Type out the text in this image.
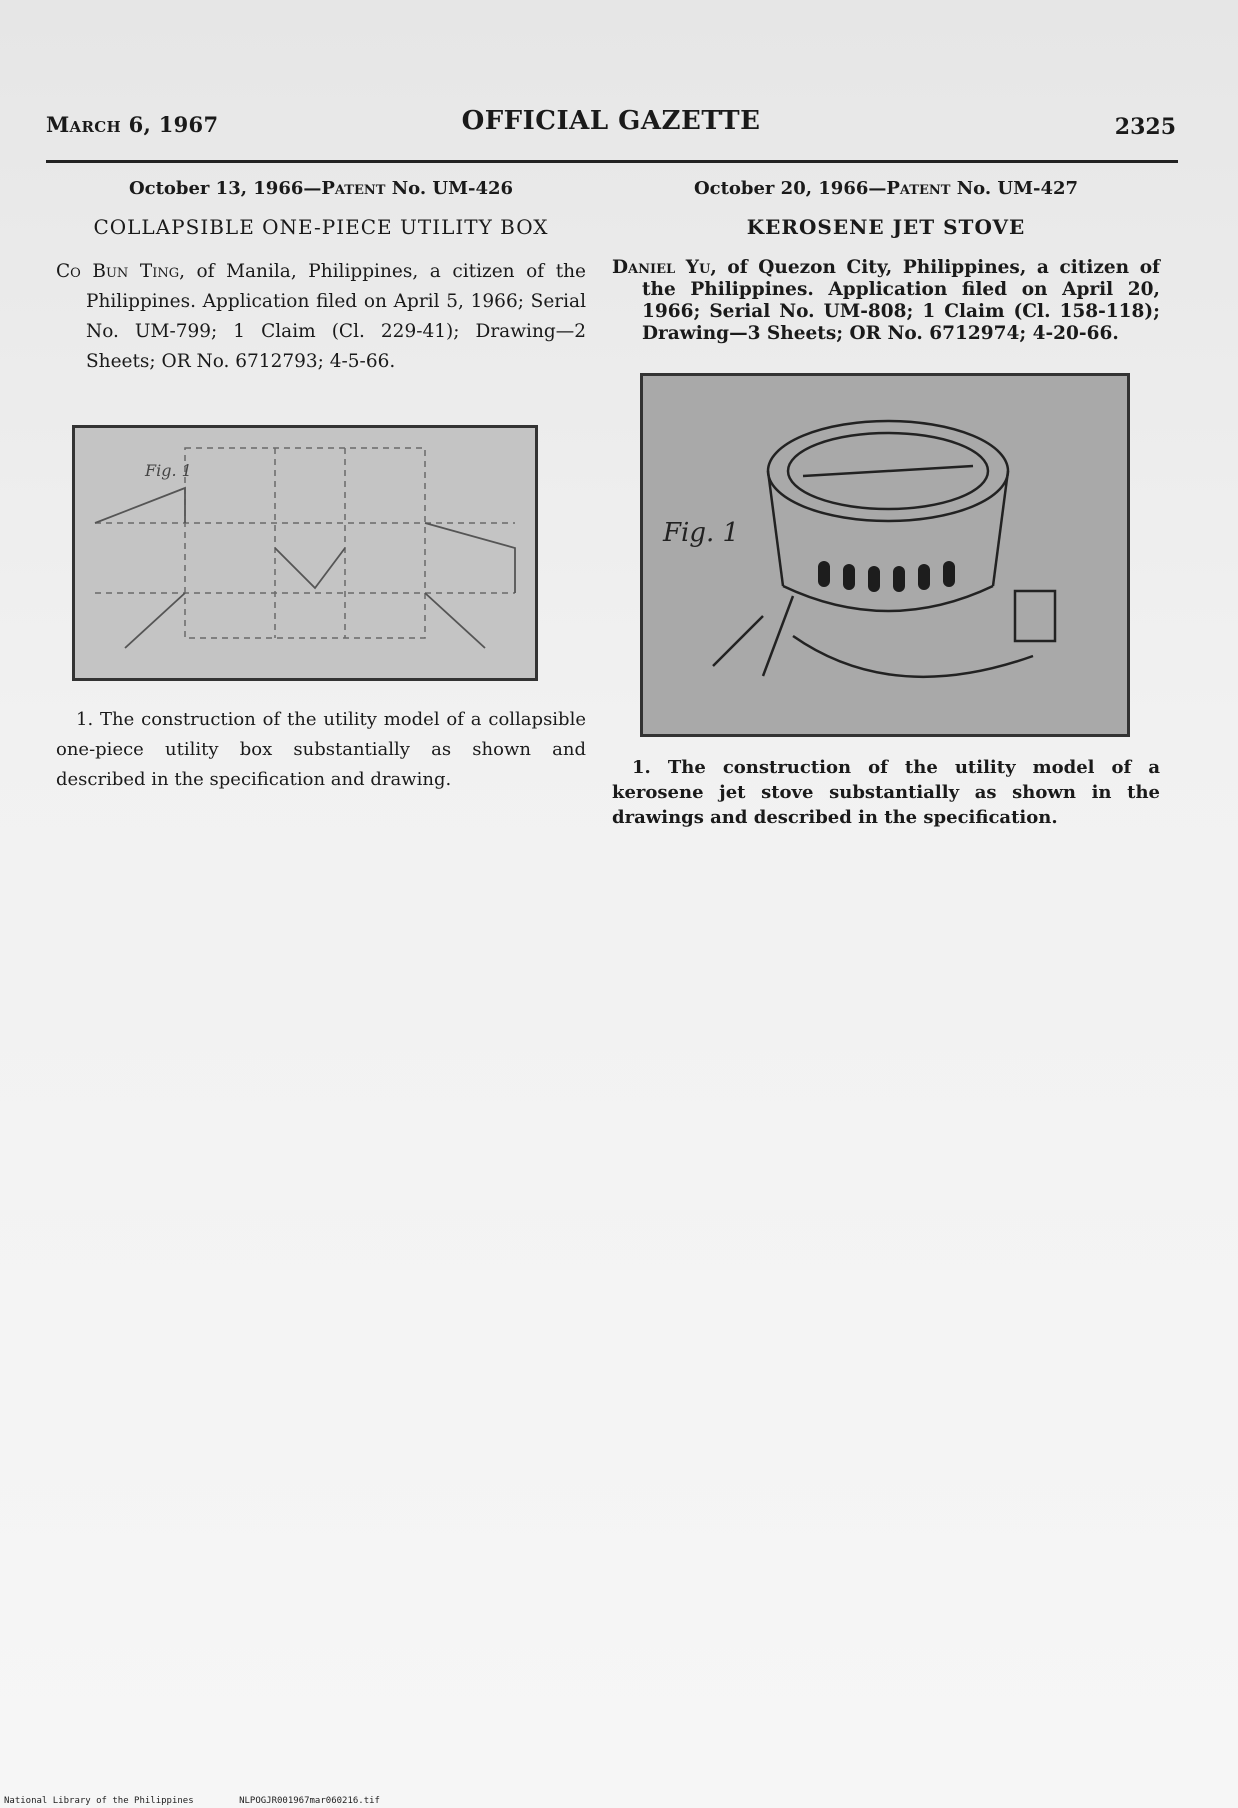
March 6, 1967	OFFICIAL GAZETTE	2325

October 13, 1966—Patent No. UM-426

COLLAPSIBLE ONE-PIECE UTILITY BOX

Co Bun Ting, of Manila, Philippines, a citizen of the Philippines. Application filed on April 5, 1966; Serial No. UM-799; 1 Claim (Cl. 229-41); Drawing—2 Sheets; OR No. 6712793; 4-5-66.

Fig. 1

1. The construction of the utility model of a collapsible one-piece utility box substantially as shown and described in the specification and drawing.

October 20, 1966—Patent No. UM-427

KEROSENE JET STOVE

Daniel Yu, of Quezon City, Philippines, a citizen of the Philippines. Application filed on April 20, 1966; Serial No. UM-808; 1 Claim (Cl. 158-118); Drawing—3 Sheets; OR No. 6712974; 4-20-66.

Fig. 1

1. The construction of the utility model of a kerosene jet stove substantially as shown in the drawings and described in the specification.

National Library of the Philippines	NLPOGJR001967mar060216.tif
